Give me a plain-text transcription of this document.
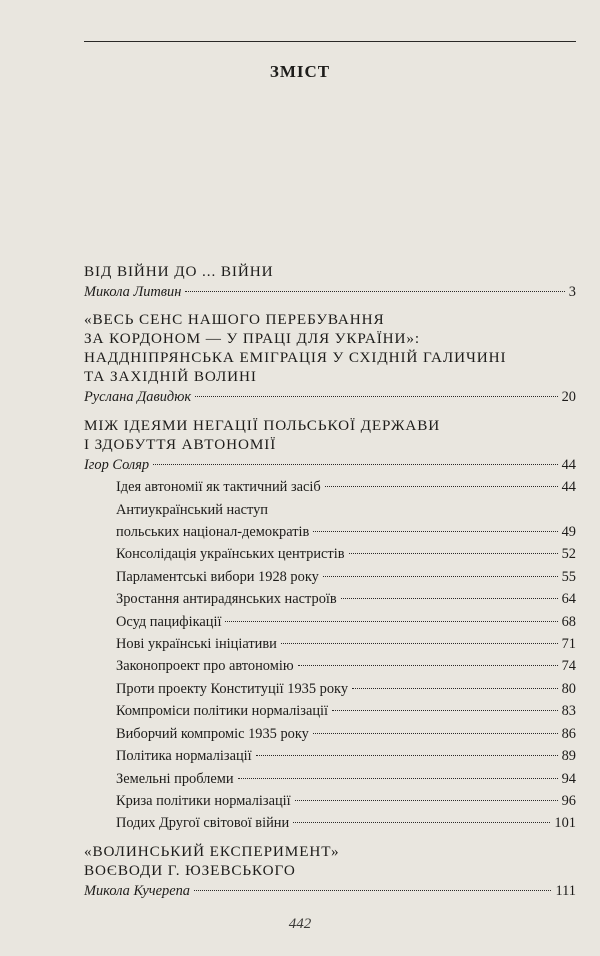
ЗМІСТ
ВІД ВІЙНИ ДО ... ВІЙНИ
Микола Литвин	3
«ВЕСЬ СЕНС НАШОГО ПЕРЕБУВАННЯ
ЗА КОРДОНОМ — У ПРАЦІ ДЛЯ УКРАЇНИ»:
НАДДНІПРЯНСЬКА ЕМІГРАЦІЯ У СХІДНІЙ ГАЛИЧИНІ
ТА ЗАХІДНІЙ ВОЛИНІ
Руслана Давидюк	20
МІЖ ІДЕЯМИ НЕГАЦІЇ ПОЛЬСЬКОЇ ДЕРЖАВИ
І ЗДОБУТТЯ АВТОНОМІЇ
Ігор Соляр	44
Ідея автономії як тактичний засіб	44
Антиукраїнський наступ
польських націонал-демократів	49
Консолідація українських центристів	52
Парламентські вибори 1928 року	55
Зростання антирадянських настроїв	64
Осуд пацифікації	68
Нові українські ініціативи	71
Законопроект про автономію	74
Проти проекту Конституції 1935 року	80
Компроміси політики нормалізації	83
Виборчий компроміс 1935 року	86
Політика нормалізації	89
Земельні проблеми	94
Криза політики нормалізації	96
Подих Другої світової війни	101
«ВОЛИНСЬКИЙ ЕКСПЕРИМЕНТ»
ВОЄВОДИ Г. ЮЗЕВСЬКОГО
Микола Кучерепа	111
442
